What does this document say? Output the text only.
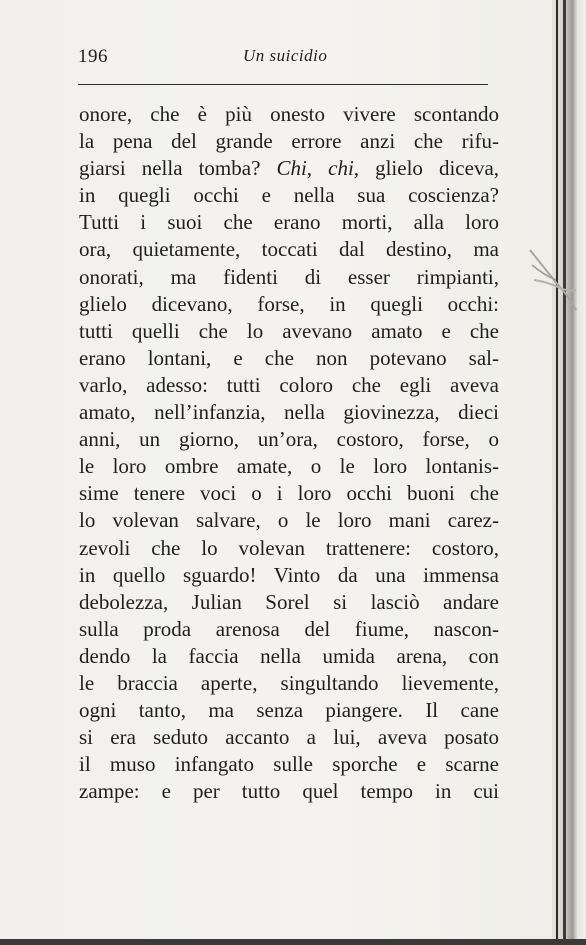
196	Un suicidio
onore, che è più onesto vivere scontando
la pena del grande errore anzi che rifu-
giarsi nella tomba? Chi, chi, glielo diceva,
in quegli occhi e nella sua coscienza?
Tutti i suoi che erano morti, alla loro
ora, quietamente, toccati dal destino, ma
onorati, ma fidenti di esser rimpianti,
glielo dicevano, forse, in quegli occhi:
tutti quelli che lo avevano amato e che
erano lontani, e che non potevano sal-
varlo, adesso: tutti coloro che egli aveva
amato, nell’infanzia, nella giovinezza, dieci
anni, un giorno, un’ora, costoro, forse, o
le loro ombre amate, o le loro lontanis-
sime tenere voci o i loro occhi buoni che
lo volevan salvare, o le loro mani carez-
zevoli che lo volevan trattenere: costoro,
in quello sguardo! Vinto da una immensa
debolezza, Julian Sorel si lasciò andare
sulla proda arenosa del fiume, nascon-
dendo la faccia nella umida arena, con
le braccia aperte, singultando lievemente,
ogni tanto, ma senza piangere. Il cane
si era seduto accanto a lui, aveva posato
il muso infangato sulle sporche e scarne
zampe: e per tutto quel tempo in cui
